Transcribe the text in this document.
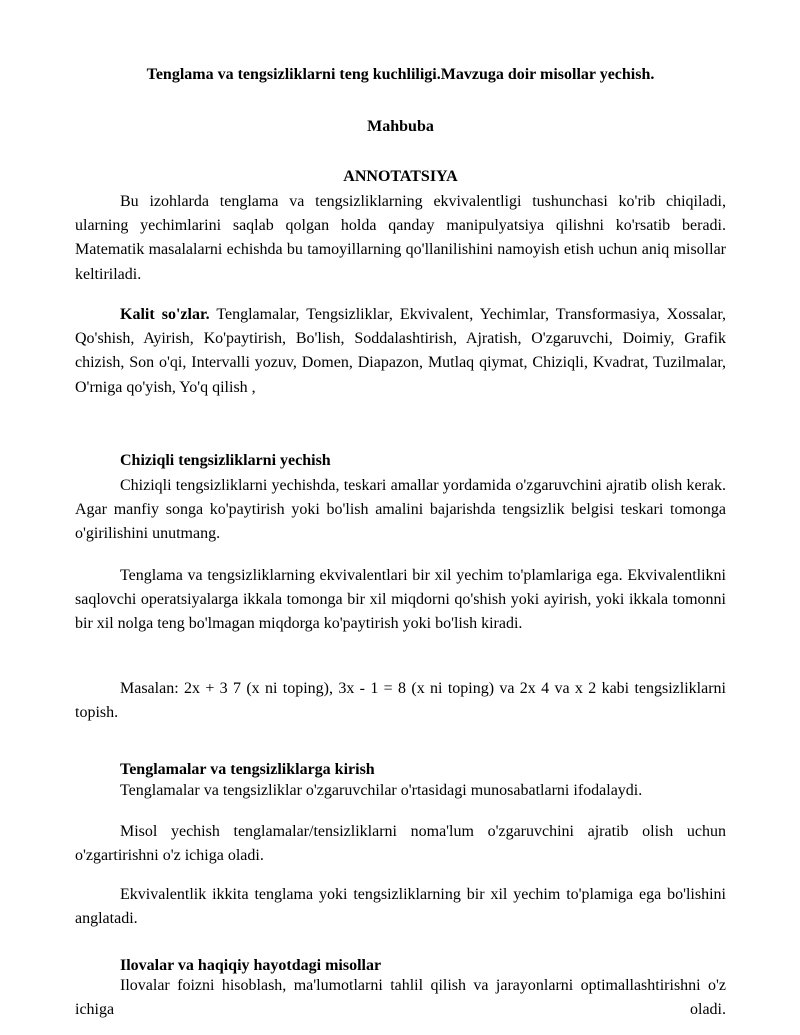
Tenglama va tengsizliklarni teng kuchliligi.Mavzuga doir misollar yechish.
Mahbuba
ANNOTATSIYA

Bu izohlarda tenglama va tengsizliklarning ekvivalentligi tushunchasi ko'rib chiqiladi, ularning yechimlarini saqlab qolgan holda qanday manipulyatsiya qilishni ko'rsatib beradi. Matematik masalalarni echishda bu tamoyillarning qo'llanilishini namoyish etish uchun aniq misollar keltiriladi.

Kalit so'zlar. Tenglamalar, Tengsizliklar, Ekvivalent, Yechimlar, Transformasiya, Xossalar, Qo'shish, Ayirish, Ko'paytirish, Bo'lish, Soddalashtirish, Ajratish, O'zgaruvchi, Doimiy, Grafik chizish, Son o'qi, Intervalli yozuv, Domen, Diapazon, Mutlaq qiymat, Chiziqli, Kvadrat, Tuzilmalar, O'rniga qo'yish, Yo'q qilish ,

Chiziqli tengsizliklarni yechish

Chiziqli tengsizliklarni yechishda, teskari amallar yordamida o'zgaruvchini ajratib olish kerak. Agar manfiy songa ko'paytirish yoki bo'lish amalini bajarishda tengsizlik belgisi teskari tomonga o'girilishini unutmang.

Tenglama va tengsizliklarning ekvivalentlari bir xil yechim to'plamlariga ega. Ekvivalentlikni saqlovchi operatsiyalarga ikkala tomonga bir xil miqdorni qo'shish yoki ayirish, yoki ikkala tomonni bir xil nolga teng bo'lmagan miqdorga ko'paytirish yoki bo'lish kiradi.

Masalan: 2x + 3 7 (x ni toping), 3x - 1 = 8 (x ni toping) va 2x 4 va x 2 kabi tengsizliklarni topish.

Tenglamalar va tengsizliklarga kirish

Tenglamalar va tengsizliklar o'zgaruvchilar o'rtasidagi munosabatlarni ifodalaydi.

Misol yechish tenglamalar/tensizliklarni noma'lum o'zgaruvchini ajratib olish uchun o'zgartirishni o'z ichiga oladi.

Ekvivalentlik ikkita tenglama yoki tengsizliklarning bir xil yechim to'plamiga ega bo'lishini anglatadi.

Ilovalar va haqiqiy hayotdagi misollar

Ilovalar foizni hisoblash, ma'lumotlarni tahlil qilish va jarayonlarni optimallashtirishni o'z ichiga oladi.
